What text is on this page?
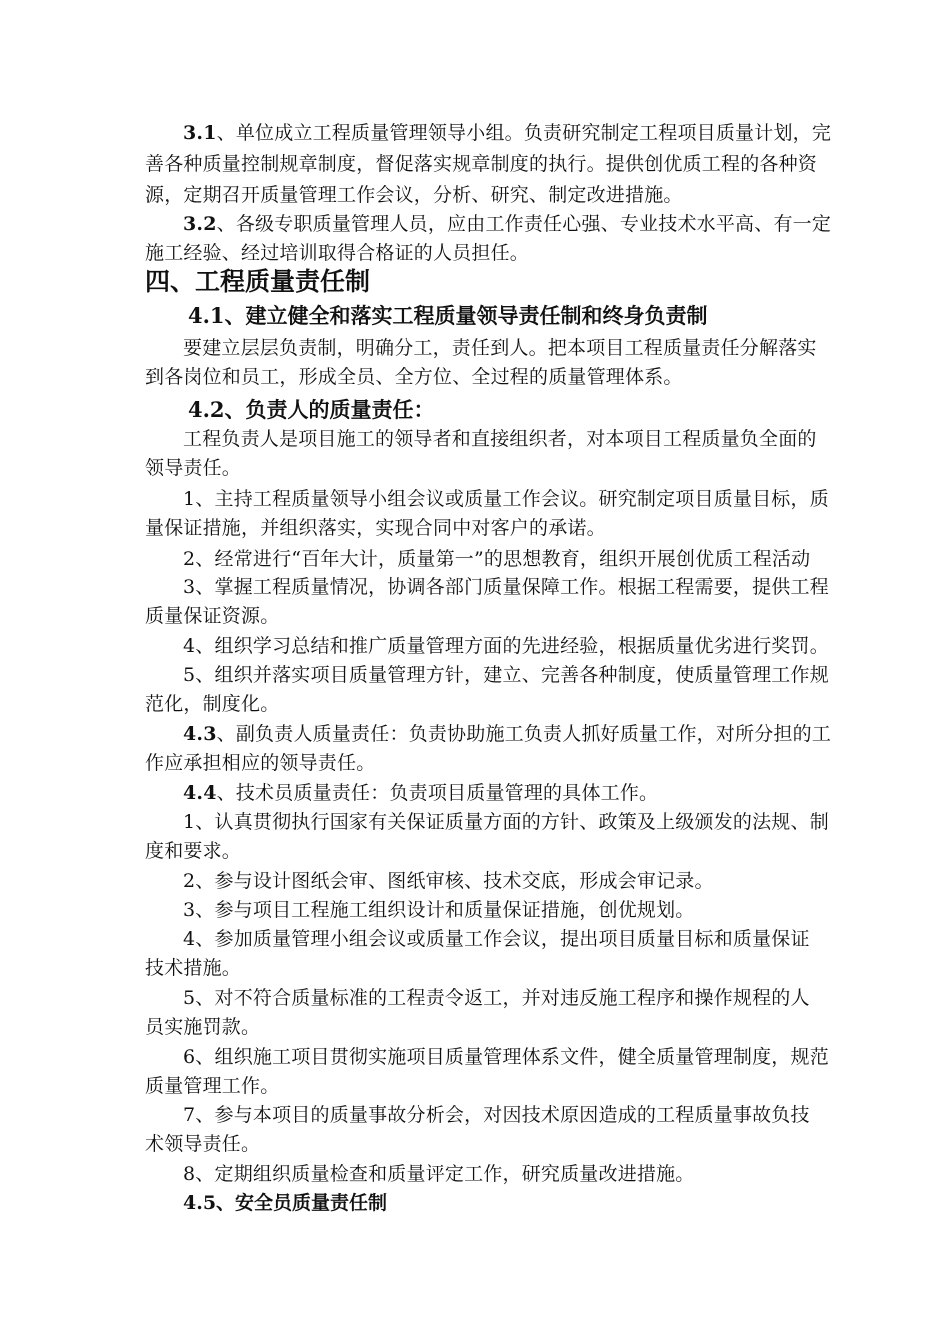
3.1、单位成立工程质量管理领导小组。负责研究制定工程项目质量计划，完
善各种质量控制规章制度，督促落实规章制度的执行。提供创优质工程的各种资
源，定期召开质量管理工作会议，分析、研究、制定改进措施。
3.2、各级专职质量管理人员，应由工作责任心强、专业技术水平高、有一定
施工经验、经过培训取得合格证的人员担任。
四、工程质量责任制
4.1、建立健全和落实工程质量领导责任制和终身负责制
要建立层层负责制，明确分工，责任到人。把本项目工程质量责任分解落实
到各岗位和员工，形成全员、全方位、全过程的质量管理体系。
4.2、负责人的质量责任：
工程负责人是项目施工的领导者和直接组织者，对本项目工程质量负全面的
领导责任。
1、主持工程质量领导小组会议或质量工作会议。研究制定项目质量目标，质
量保证措施，并组织落实，实现合同中对客户的承诺。
2、经常进行“百年大计，质量第一”的思想教育，组织开展创优质工程活动
3、掌握工程质量情况，协调各部门质量保障工作。根据工程需要，提供工程
质量保证资源。
4、组织学习总结和推广质量管理方面的先进经验，根据质量优劣进行奖罚。
5、组织并落实项目质量管理方针，建立、完善各种制度，使质量管理工作规
范化，制度化。
4.3、副负责人质量责任：负责协助施工负责人抓好质量工作，对所分担的工
作应承担相应的领导责任。
4.4、技术员质量责任：负责项目质量管理的具体工作。
1、认真贯彻执行国家有关保证质量方面的方针、政策及上级颁发的法规、制
度和要求。
2、参与设计图纸会审、图纸审核、技术交底，形成会审记录。
3、参与项目工程施工组织设计和质量保证措施，创优规划。
4、参加质量管理小组会议或质量工作会议，提出项目质量目标和质量保证
技术措施。
5、对不符合质量标准的工程责令返工，并对违反施工程序和操作规程的人
员实施罚款。
6、组织施工项目贯彻实施项目质量管理体系文件，健全质量管理制度，规范
质量管理工作。
7、参与本项目的质量事故分析会，对因技术原因造成的工程质量事故负技
术领导责任。
8、定期组织质量检查和质量评定工作，研究质量改进措施。
4.5、安全员质量责任制
